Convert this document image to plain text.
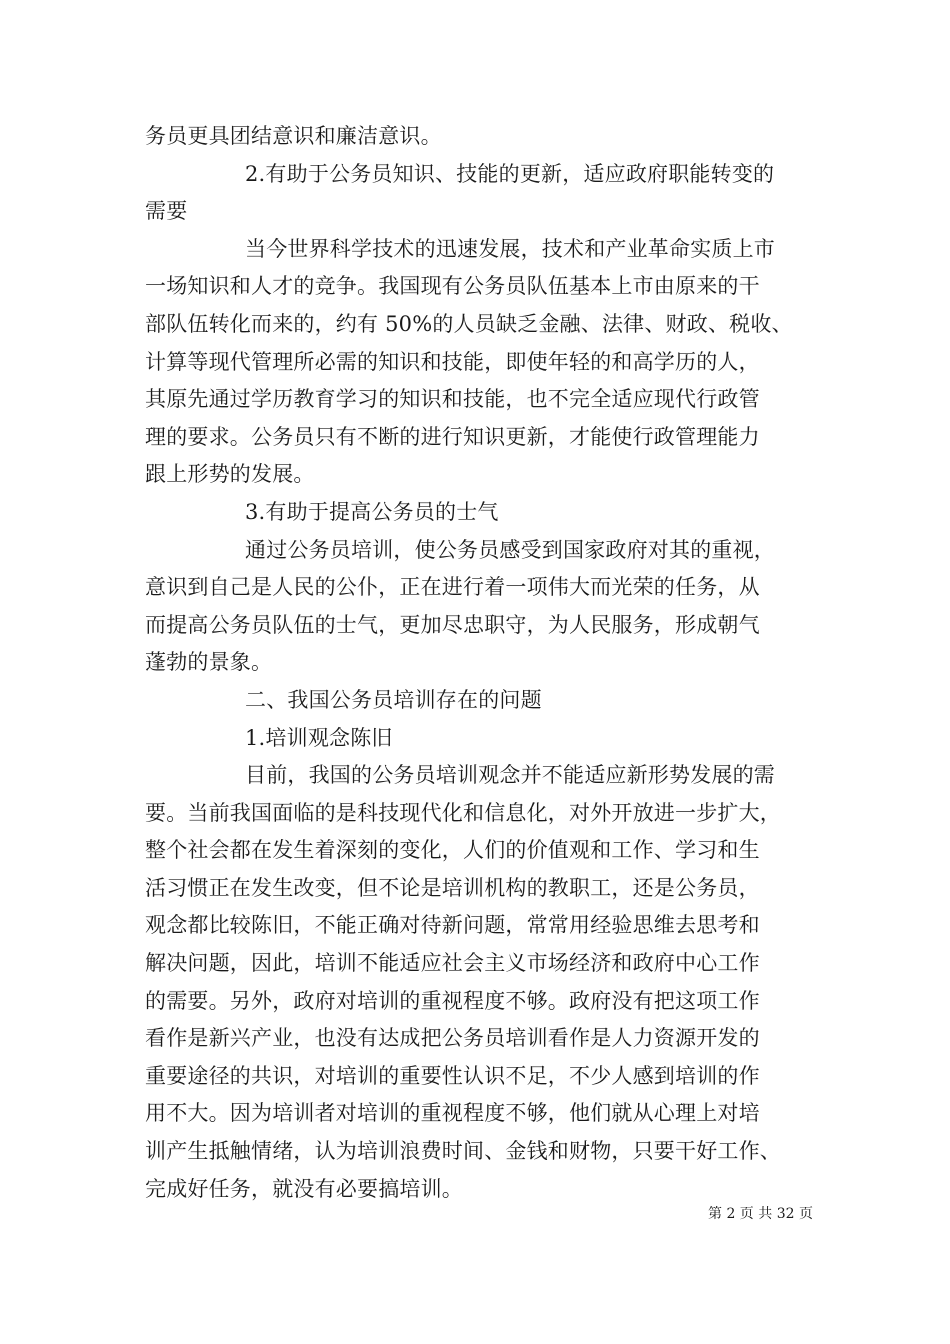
务员更具团结意识和廉洁意识。
2.有助于公务员知识、技能的更新，适应政府职能转变的
需要
当今世界科学技术的迅速发展，技术和产业革命实质上市
一场知识和人才的竞争。我国现有公务员队伍基本上市由原来的干
部队伍转化而来的，约有 50%的人员缺乏金融、法律、财政、税收、
计算等现代管理所必需的知识和技能，即使年轻的和高学历的人，
其原先通过学历教育学习的知识和技能，也不完全适应现代行政管
理的要求。公务员只有不断的进行知识更新，才能使行政管理能力
跟上形势的发展。
3.有助于提高公务员的士气
通过公务员培训，使公务员感受到国家政府对其的重视，
意识到自己是人民的公仆，正在进行着一项伟大而光荣的任务，从
而提高公务员队伍的士气，更加尽忠职守，为人民服务，形成朝气
蓬勃的景象。
二、我国公务员培训存在的问题
1.培训观念陈旧
目前，我国的公务员培训观念并不能适应新形势发展的需
要。当前我国面临的是科技现代化和信息化，对外开放进一步扩大，
整个社会都在发生着深刻的变化，人们的价值观和工作、学习和生
活习惯正在发生改变，但不论是培训机构的教职工，还是公务员，
观念都比较陈旧，不能正确对待新问题，常常用经验思维去思考和
解决问题，因此，培训不能适应社会主义市场经济和政府中心工作
的需要。另外，政府对培训的重视程度不够。政府没有把这项工作
看作是新兴产业，也没有达成把公务员培训看作是人力资源开发的
重要途径的共识，对培训的重要性认识不足，不少人感到培训的作
用不大。因为培训者对培训的重视程度不够，他们就从心理上对培
训产生抵触情绪，认为培训浪费时间、金钱和财物，只要干好工作、
完成好任务，就没有必要搞培训。
第 2 页 共 32 页
